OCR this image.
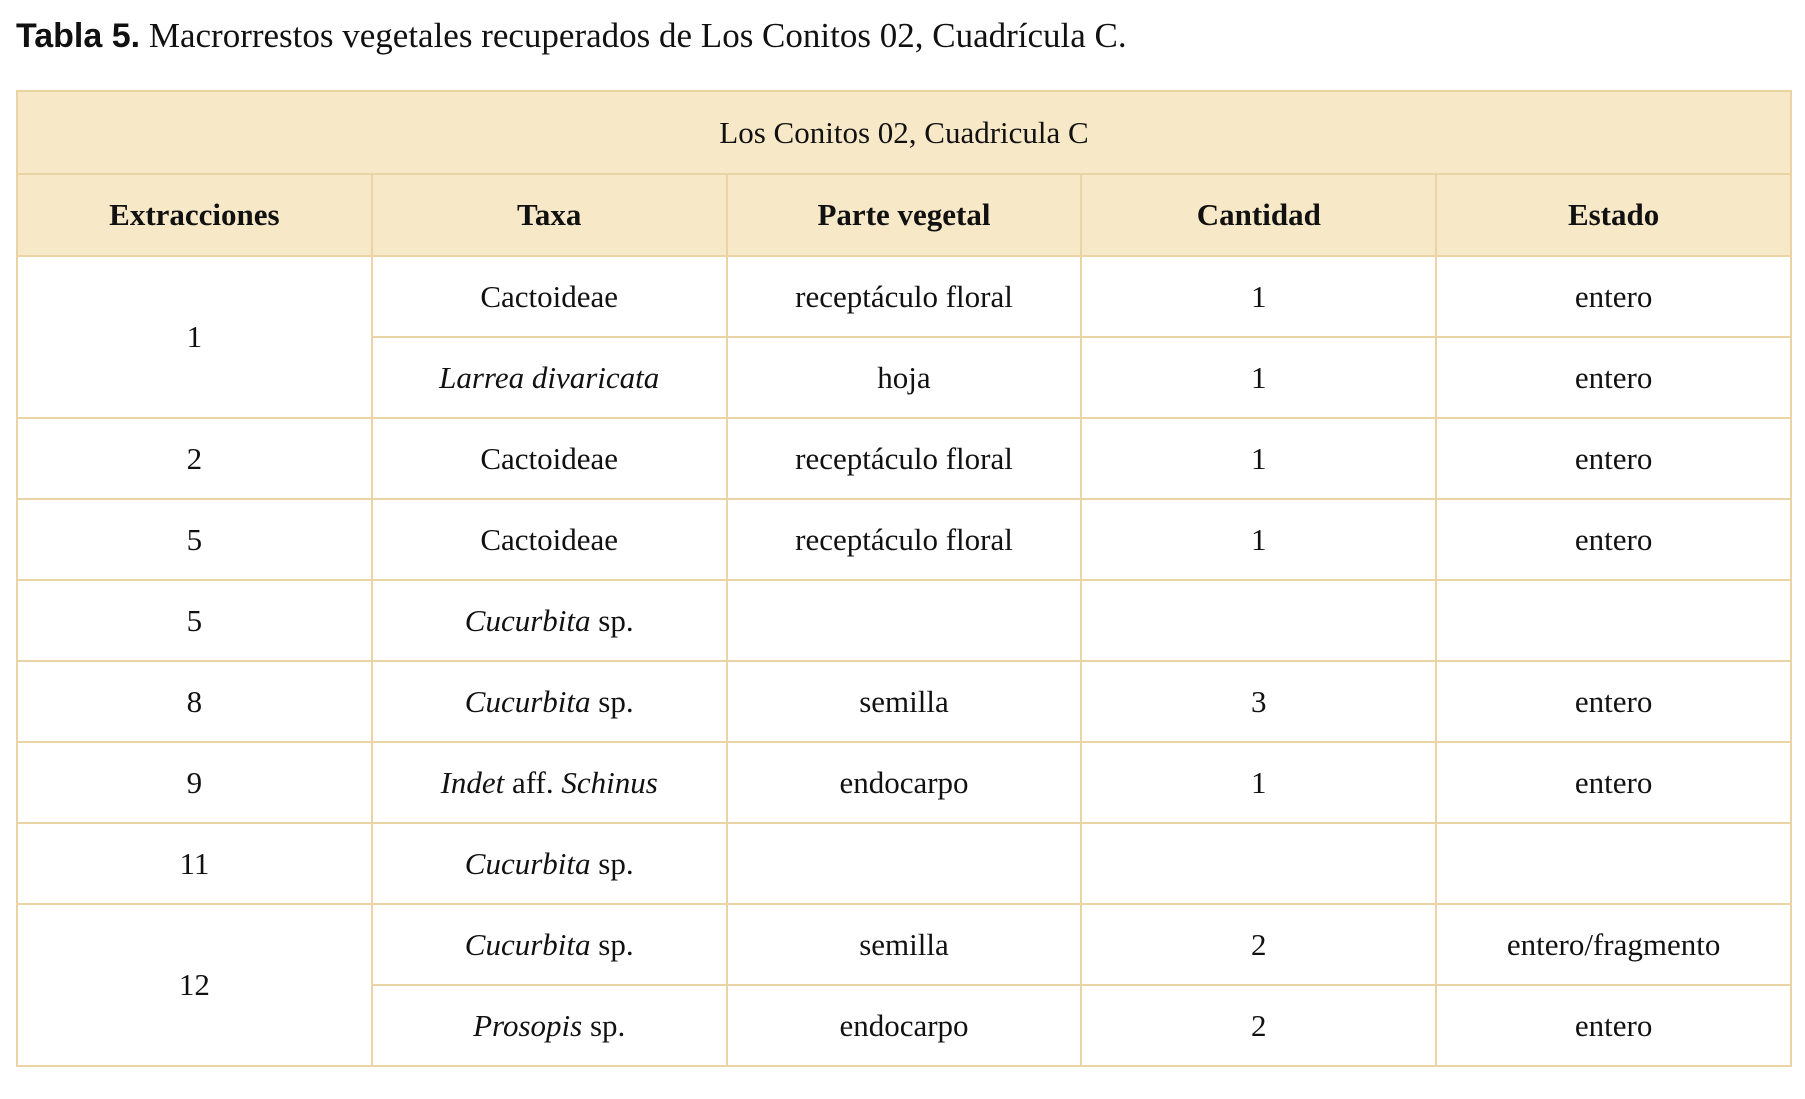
Tabla 5. Macrorrestos vegetales recuperados de Los Conitos 02, Cuadrícula C.
Los Conitos 02, Cuadricula C				
Extracciones	Taxa	Parte vegetal	Cantidad	Estado
1	Cactoideae	receptáculo floral	1	entero
	Larrea divaricata	hoja	1	entero
2	Cactoideae	receptáculo floral	1	entero
5	Cactoideae	receptáculo floral	1	entero
5	Cucurbita sp.			
8	Cucurbita sp.	semilla	3	entero
9	Indet aff. Schinus	endocarpo	1	entero
11	Cucurbita sp.			
12	Cucurbita sp.	semilla	2	entero/fragmento
	Prosopis sp.	endocarpo	2	entero
